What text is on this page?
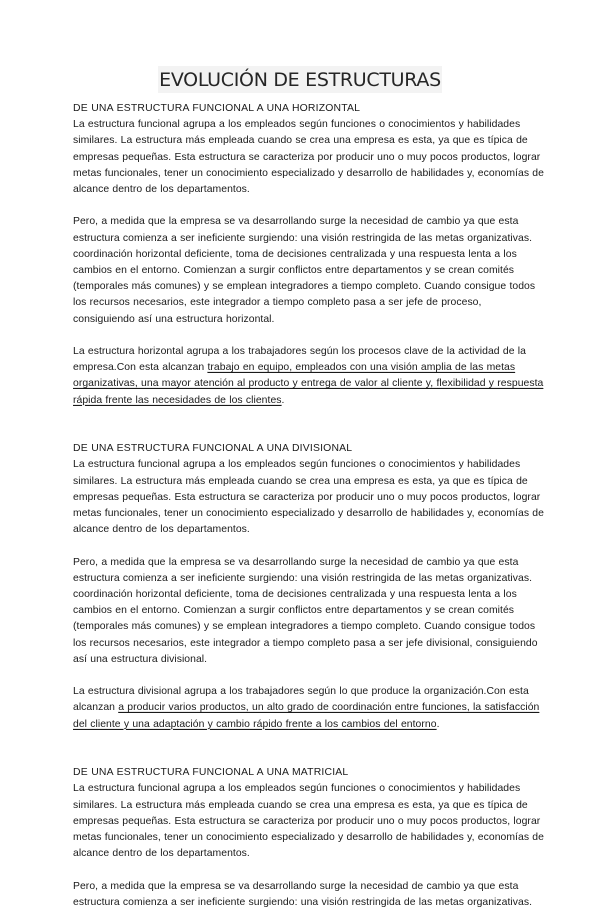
EVOLUCIÓN DE ESTRUCTURAS
DE UNA ESTRUCTURA FUNCIONAL A UNA HORIZONTAL
La estructura funcional agrupa a los empleados según funciones o conocimientos y habilidades
similares. La estructura más empleada cuando se crea una empresa es esta, ya que es típica de
empresas pequeñas. Esta estructura se caracteriza por producir uno o muy pocos productos, lograr
metas funcionales, tener un conocimiento especializado y desarrollo de habilidades y, economías de
alcance dentro de los departamentos.
Pero, a medida que la empresa se va desarrollando surge la necesidad de cambio ya que esta
estructura comienza a ser ineficiente surgiendo: una visión restringida de las metas organizativas.
coordinación horizontal deficiente, toma de decisiones centralizada y una respuesta lenta a los
cambios en el entorno. Comienzan a surgir conflictos entre departamentos y se crean comités
(temporales más comunes) y se emplean integradores a tiempo completo. Cuando consigue todos
los recursos necesarios, este integrador a tiempo completo pasa a ser jefe de proceso,
consiguiendo así una estructura horizontal.
La estructura horizontal agrupa a los trabajadores según los procesos clave de la actividad de la
empresa.Con esta alcanzan trabajo en equipo, empleados con una visión amplia de las metas
organizativas, una mayor atención al producto y entrega de valor al cliente y, flexibilidad y respuesta
rápida frente las necesidades de los clientes.
DE UNA ESTRUCTURA FUNCIONAL A UNA DIVISIONAL
La estructura funcional agrupa a los empleados según funciones o conocimientos y habilidades
similares. La estructura más empleada cuando se crea una empresa es esta, ya que es típica de
empresas pequeñas. Esta estructura se caracteriza por producir uno o muy pocos productos, lograr
metas funcionales, tener un conocimiento especializado y desarrollo de habilidades y, economías de
alcance dentro de los departamentos.
Pero, a medida que la empresa se va desarrollando surge la necesidad de cambio ya que esta
estructura comienza a ser ineficiente surgiendo: una visión restringida de las metas organizativas.
coordinación horizontal deficiente, toma de decisiones centralizada y una respuesta lenta a los
cambios en el entorno. Comienzan a surgir conflictos entre departamentos y se crean comités
(temporales más comunes) y se emplean integradores a tiempo completo. Cuando consigue todos
los recursos necesarios, este integrador a tiempo completo pasa a ser jefe divisional, consiguiendo
así una estructura divisional.
La estructura divisional agrupa a los trabajadores según lo que produce la organización.Con esta
alcanzan a producir varios productos, un alto grado de coordinación entre funciones, la satisfacción
del cliente y una adaptación y cambio rápido frente a los cambios del entorno.
DE UNA ESTRUCTURA FUNCIONAL A UNA MATRICIAL
La estructura funcional agrupa a los empleados según funciones o conocimientos y habilidades
similares. La estructura más empleada cuando se crea una empresa es esta, ya que es típica de
empresas pequeñas. Esta estructura se caracteriza por producir uno o muy pocos productos, lograr
metas funcionales, tener un conocimiento especializado y desarrollo de habilidades y, economías de
alcance dentro de los departamentos.
Pero, a medida que la empresa se va desarrollando surge la necesidad de cambio ya que esta
estructura comienza a ser ineficiente surgiendo: una visión restringida de las metas organizativas.
